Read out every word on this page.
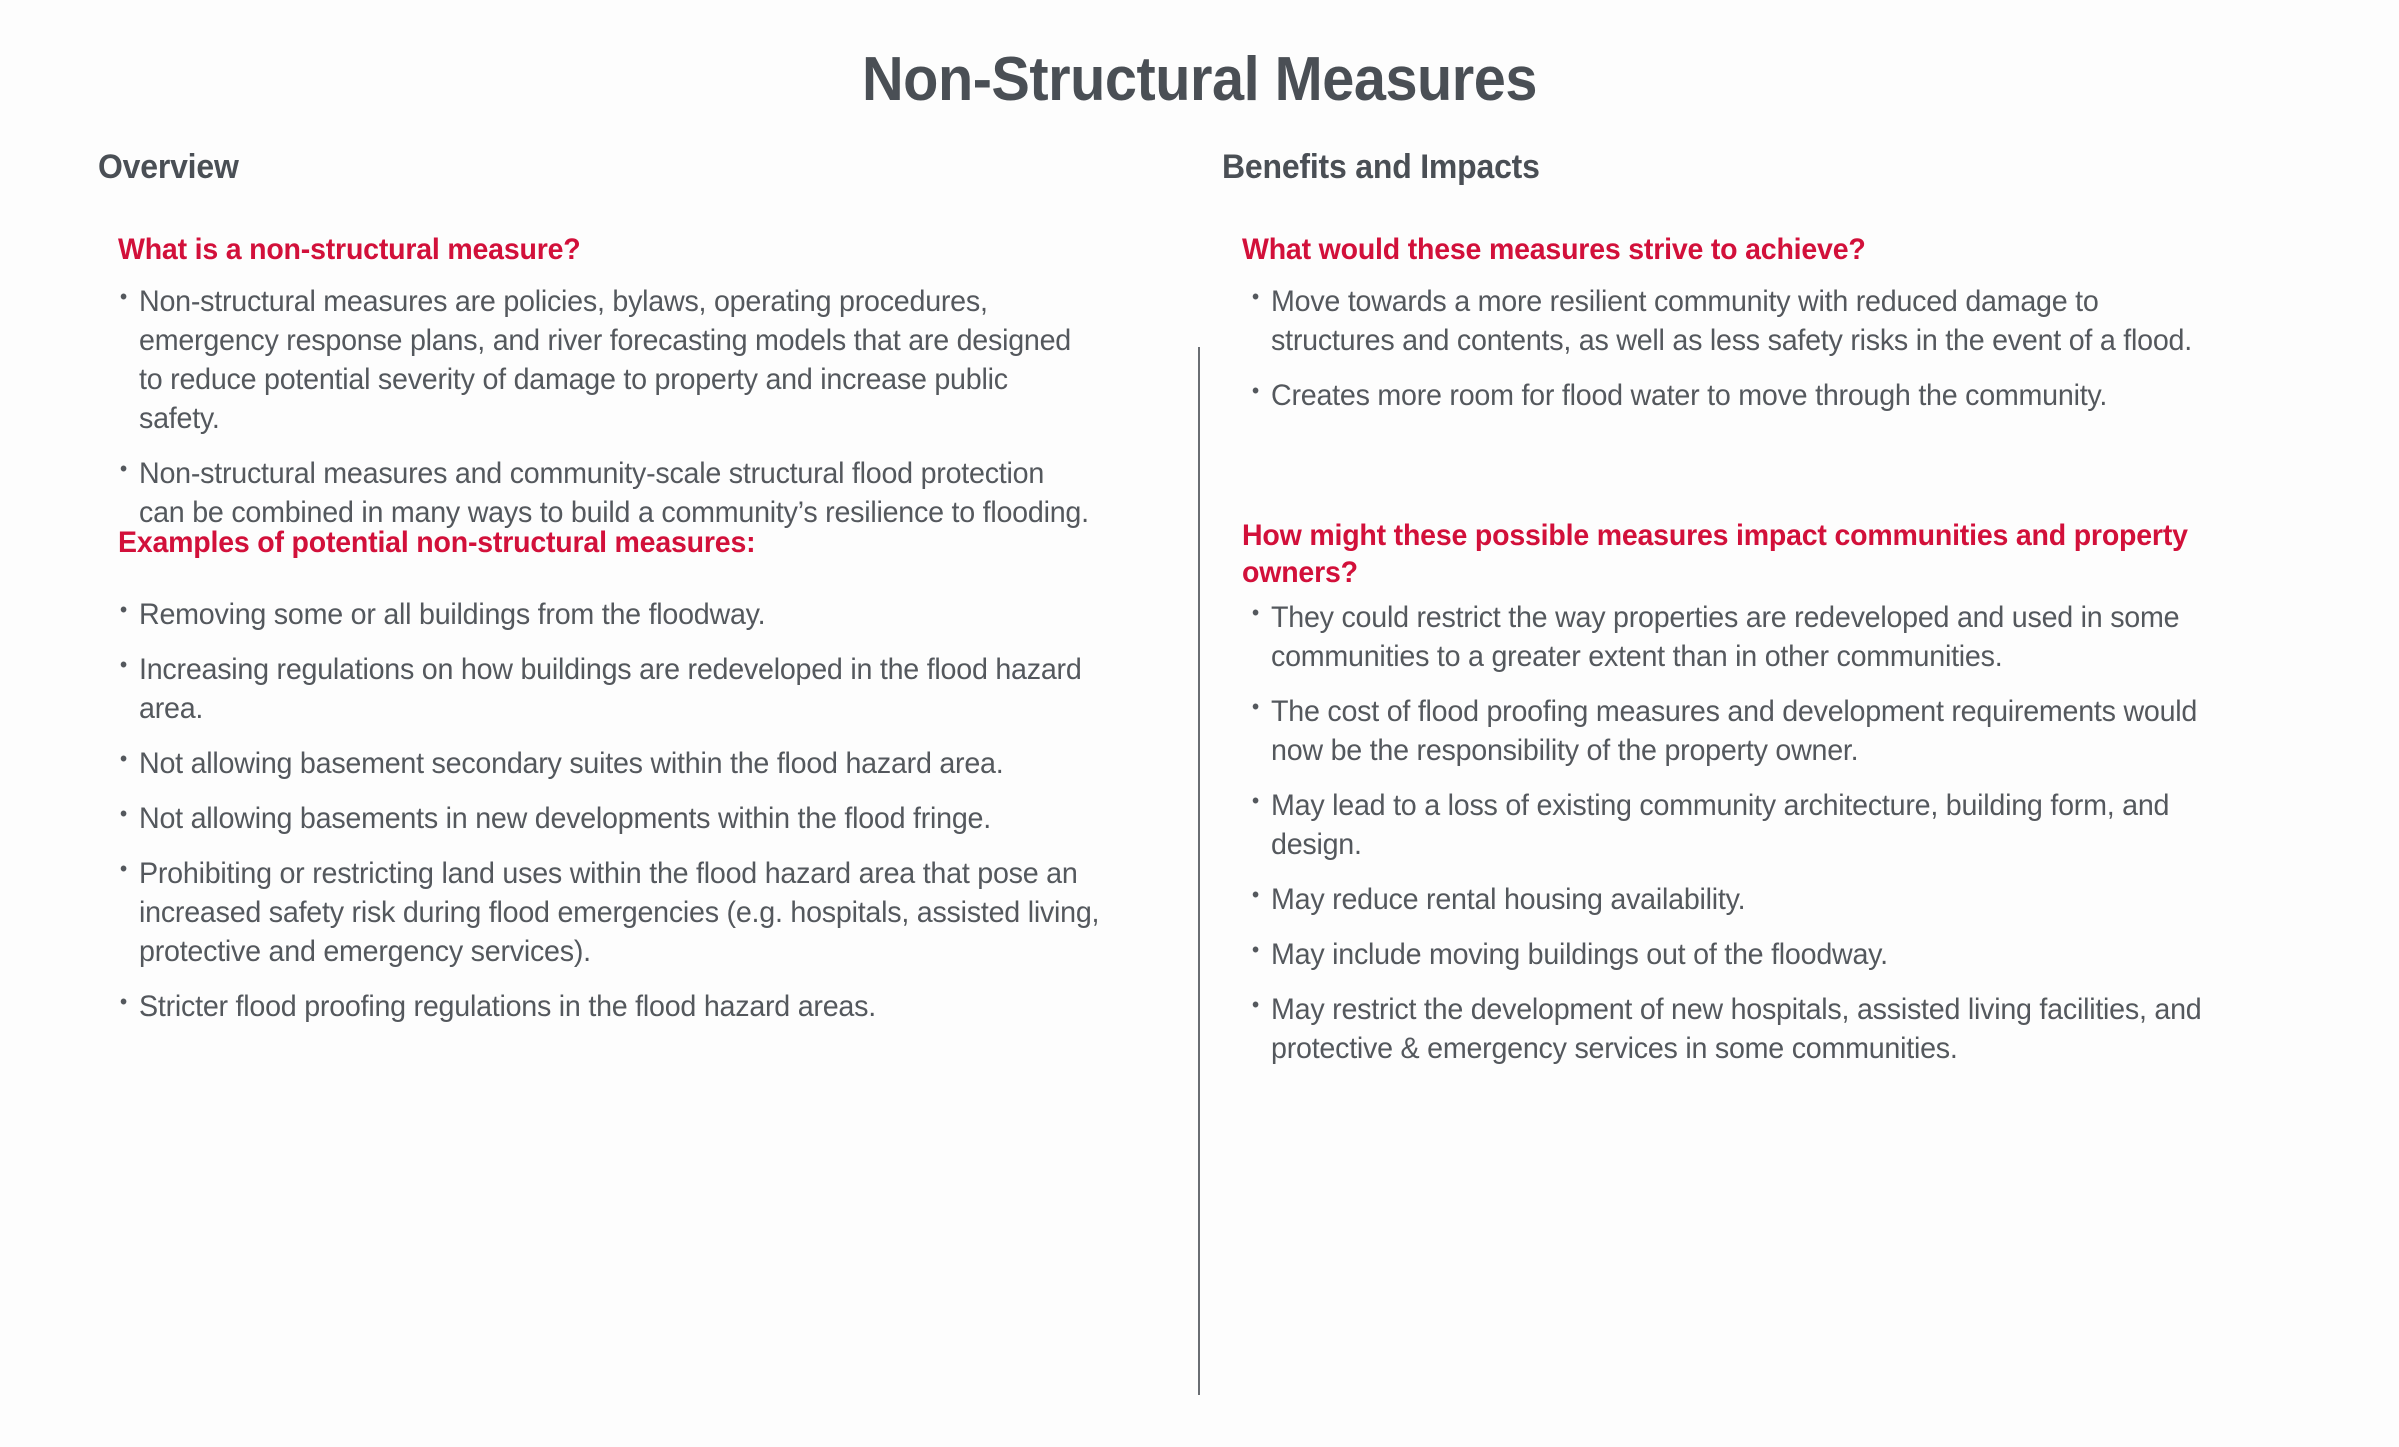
Non-Structural Measures
Overview
What is a non-structural measure?
• Non-structural measures are policies, bylaws, operating procedures, emergency response plans, and river forecasting models that are designed to reduce potential severity of damage to property and increase public safety.
• Non-structural measures and community-scale structural flood protection can be combined in many ways to build a community’s resilience to flooding.
Examples of potential non-structural measures:
• Removing some or all buildings from the floodway.
• Increasing regulations on how buildings are redeveloped in the flood hazard area.
• Not allowing basement secondary suites within the flood hazard area.
• Not allowing basements in new developments within the flood fringe.
• Prohibiting or restricting land uses within the flood hazard area that pose an increased safety risk during flood emergencies (e.g. hospitals, assisted living, protective and emergency services).
• Stricter flood proofing regulations in the flood hazard areas.
Benefits and Impacts
What would these measures strive to achieve?
• Move towards a more resilient community with reduced damage to structures and contents, as well as less safety risks in the event of a flood.
• Creates more room for flood water to move through the community.
How might these possible measures impact communities and property owners?
• They could restrict the way properties are redeveloped and used in some communities to a greater extent than in other communities.
• The cost of flood proofing measures and development requirements would now be the responsibility of the property owner.
• May lead to a loss of existing community architecture, building form, and design.
• May reduce rental housing availability.
• May include moving buildings out of the floodway.
• May restrict the development of new hospitals, assisted living facilities, and protective & emergency services in some communities.
